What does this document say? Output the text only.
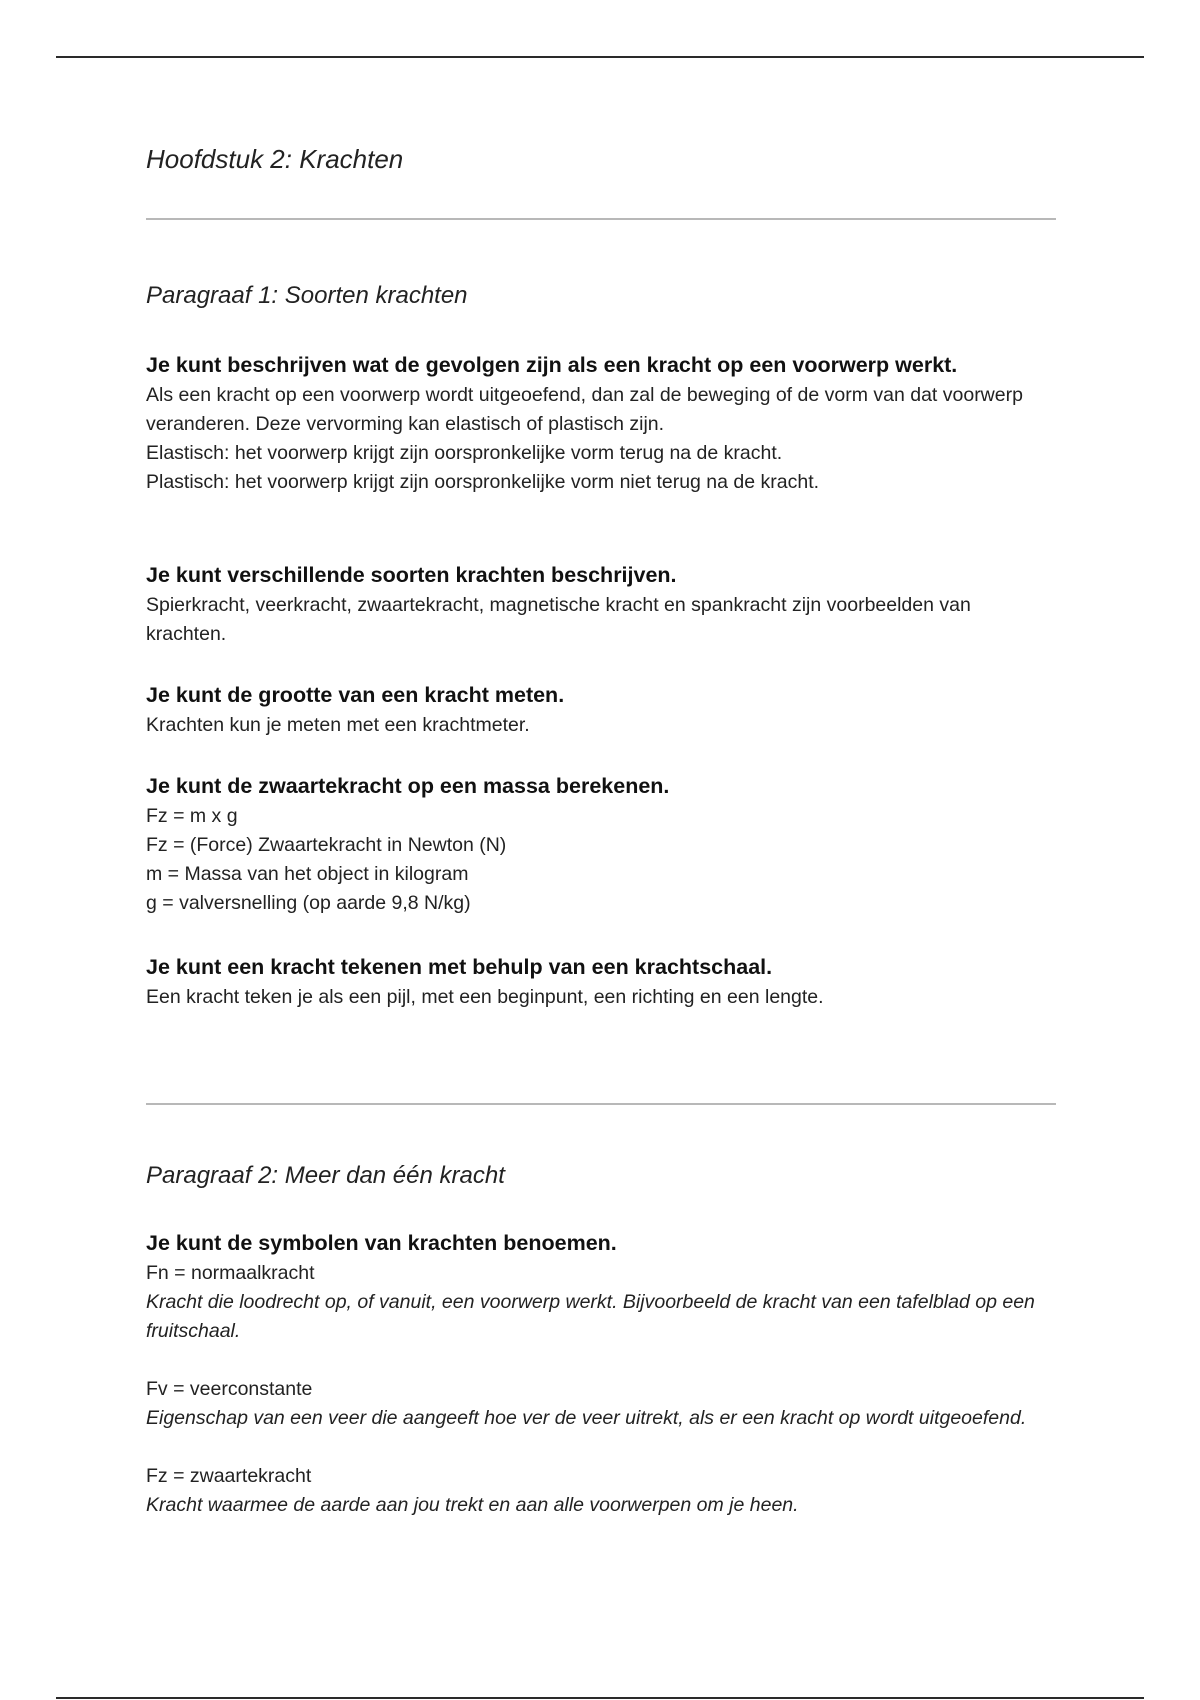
Hoofdstuk 2: Krachten
Paragraaf 1: Soorten krachten

Je kunt beschrijven wat de gevolgen zijn als een kracht op een voorwerp werkt.

Als een kracht op een voorwerp wordt uitgeoefend, dan zal de beweging of de vorm van dat voorwerp veranderen. Deze vervorming kan elastisch of plastisch zijn.

Elastisch: het voorwerp krijgt zijn oorspronkelijke vorm terug na de kracht.

Plastisch: het voorwerp krijgt zijn oorspronkelijke vorm niet terug na de kracht.

Je kunt verschillende soorten krachten beschrijven.

Spierkracht, veerkracht, zwaartekracht, magnetische kracht en spankracht zijn voorbeelden van krachten.

Je kunt de grootte van een kracht meten.

Krachten kun je meten met een krachtmeter.

Je kunt de zwaartekracht op een massa berekenen.

Fz = m x g

Fz = (Force) Zwaartekracht in Newton (N)

m = Massa van het object in kilogram

g = valversnelling (op aarde 9,8 N/kg)

Je kunt een kracht tekenen met behulp van een krachtschaal.

Een kracht teken je als een pijl, met een beginpunt, een richting en een lengte.

Paragraaf 2: Meer dan één kracht

Je kunt de symbolen van krachten benoemen.

Fn = normaalkracht

Kracht die loodrecht op, of vanuit, een voorwerp werkt. Bijvoorbeeld de kracht van een tafelblad op een fruitschaal.

Fv = veerconstante

Eigenschap van een veer die aangeeft hoe ver de veer uitrekt, als er een kracht op wordt uitgeoefend.

Fz = zwaartekracht

Kracht waarmee de aarde aan jou trekt en aan alle voorwerpen om je heen.
